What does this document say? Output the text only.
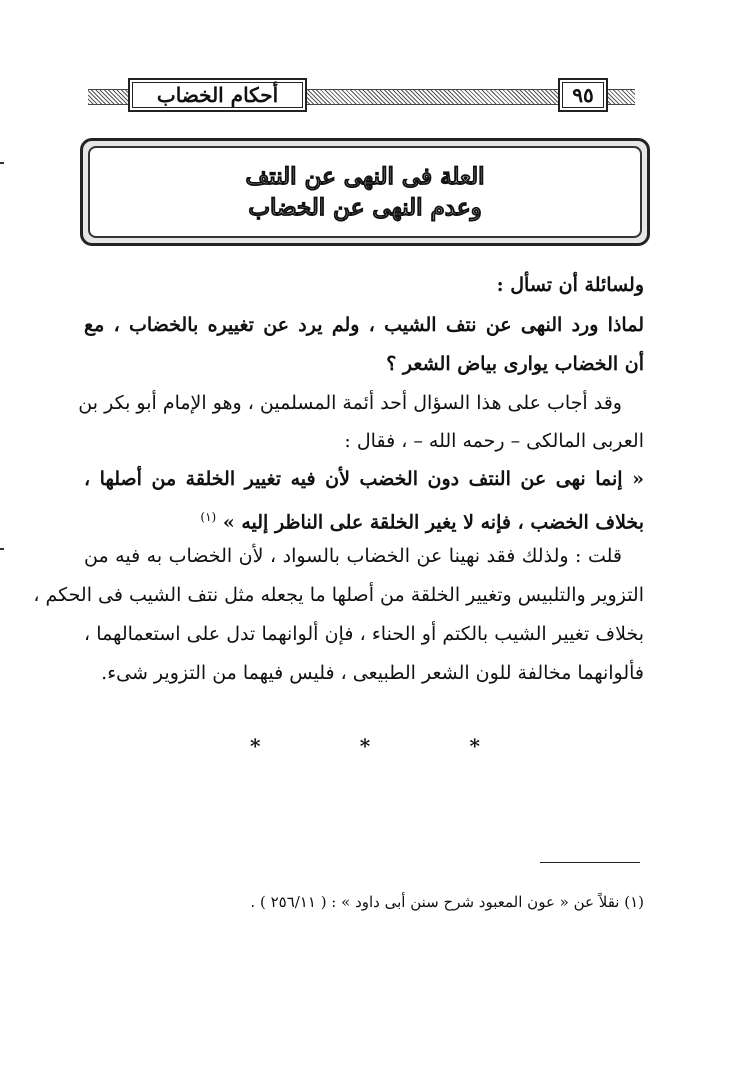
أحكام الخضاب	٩٥
العلة فى النهى عن النتف
وعدم النهى عن الخضاب
ولسائلة أن تسأل :
لماذا ورد النهى عن نتف الشيب ، ولم يرد عن تغييره بالخضاب ، مع
أن الخضاب يوارى بياض الشعر ؟
وقد أجاب على هذا السؤال أحد أئمة المسلمين ، وهو الإمام أبو بكر بن
العربى المالكى – رحمه الله – ، فقال :
« إنما نهى عن النتف دون الخضب لأن فيه تغيير الخلقة من أصلها ،
بخلاف الخضب ، فإنه لا يغير الخلقة على الناظر إليه » $^{(١)}$
قلت : ولذلك فقد نهينا عن الخضاب بالسواد ، لأن الخضاب به فيه من
التزوير والتلبيس وتغيير الخلقة من أصلها ما يجعله مثل نتف الشيب فى الحكم ،
بخلاف تغيير الشيب بالكتم أو الحناء ، فإن ألوانهما تدل على استعمالهما ،
فألوانهما مخالفة للون الشعر الطبيعى ، فليس فيهما من التزوير شىء.
*	*	*
(١) نقلاً عن « عون المعبود شرح سنن أبى داود » : ( ٢٥٦/١١ ) .
